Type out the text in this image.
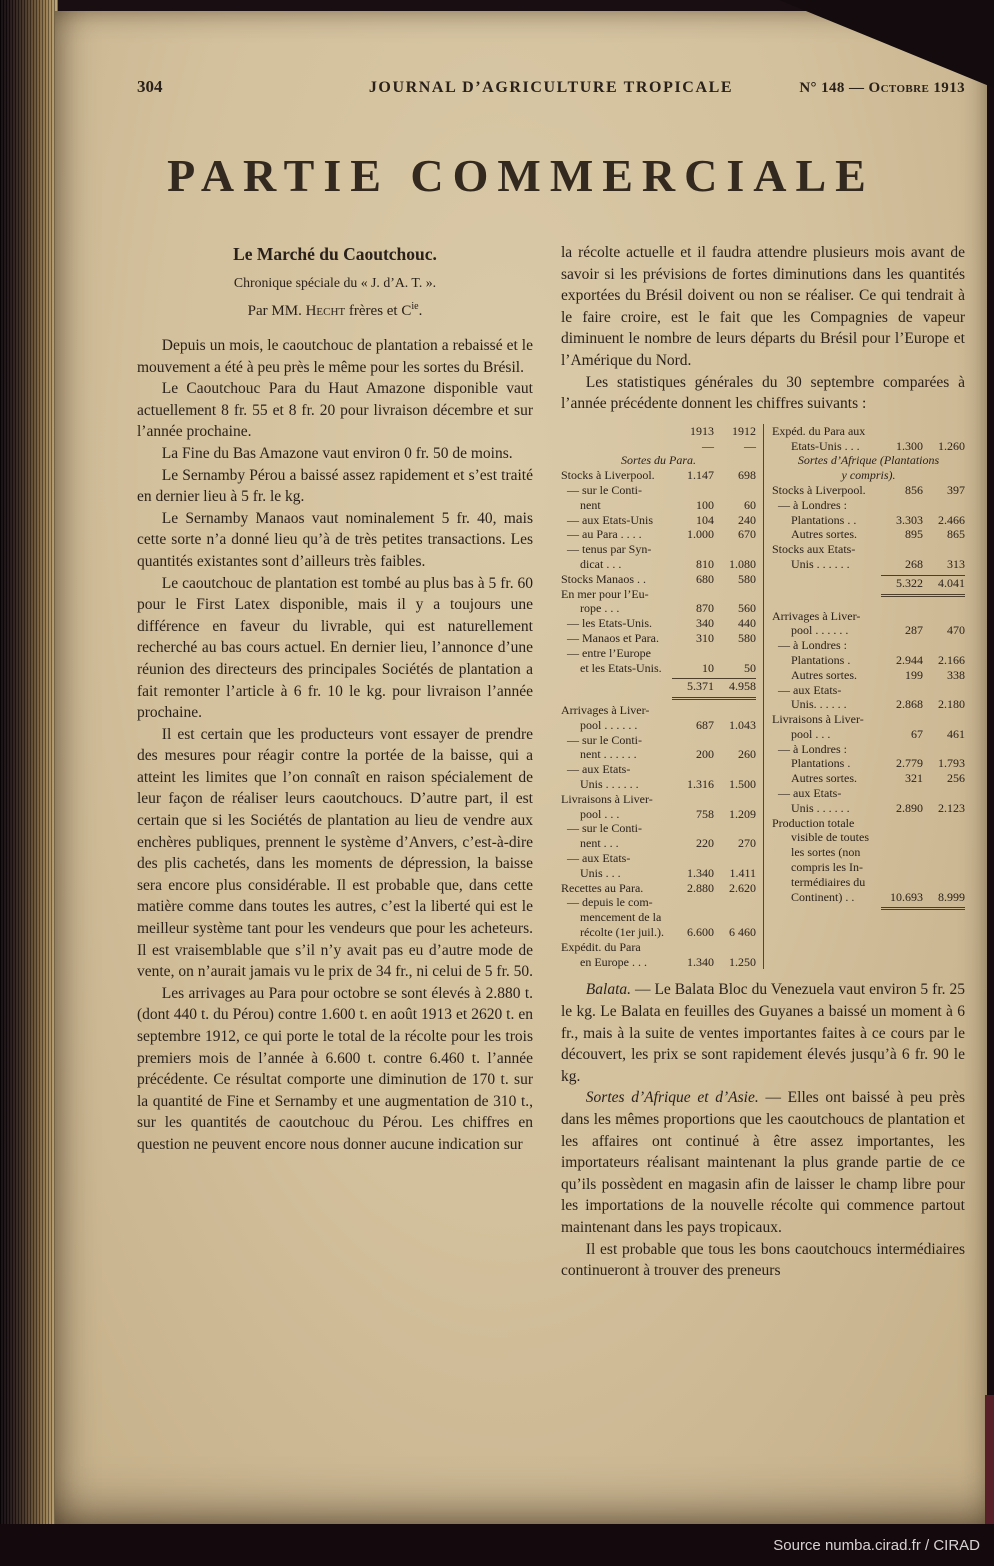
304	JOURNAL D’AGRICULTURE TROPICALE	N° 148 — Octobre 1913
PARTIE COMMERCIALE
Le Marché du Caoutchouc.
Chronique spéciale du « J. d’A. T. ».
Par MM. Hecht frères et $C^{ie}$.

Depuis un mois, le caoutchouc de plantation a rebaissé et le mouvement a été à peu près le même pour les sortes du Brésil.

Le Caoutchouc Para du Haut Amazone disponible vaut actuellement 8 fr. 55 et 8 fr. 20 pour livraison décembre et sur l’année prochaine.

La Fine du Bas Amazone vaut environ 0 fr. 50 de moins.

Le Sernamby Pérou a baissé assez rapidement et s’est traité en dernier lieu à 5 fr. le kg.

Le Sernamby Manaos vaut nominalement 5 fr. 40, mais cette sorte n’a donné lieu qu’à de très petites transactions. Les quantités existantes sont d’ailleurs très faibles.

Le caoutchouc de plantation est tombé au plus bas à 5 fr. 60 pour le First Latex disponible, mais il y a toujours une différence en faveur du livrable, qui est naturellement recherché au bas cours actuel. En dernier lieu, l’annonce d’une réunion des directeurs des principales Sociétés de plantation a fait remonter l’article à 6 fr. 10 le kg. pour livraison l’année prochaine.

Il est certain que les producteurs vont essayer de prendre des mesures pour réagir contre la portée de la baisse, qui a atteint les limites que l’on connaît en raison spécialement de leur façon de réaliser leurs caoutchoucs. D’autre part, il est certain que si les Sociétés de plantation au lieu de vendre aux enchères publiques, prennent le système d’Anvers, c’est-à-dire des plis cachetés, dans les moments de dépression, la baisse sera encore plus considérable. Il est probable que, dans cette matière comme dans toutes les autres, c’est la liberté qui est le meilleur système tant pour les vendeurs que pour les acheteurs. Il est vraisemblable que s’il n’y avait pas eu d’autre mode de vente, on n’aurait jamais vu le prix de 34 fr., ni celui de 5 fr. 50.

Les arrivages au Para pour octobre se sont élevés à 2.880 t. (dont 440 t. du Pérou) contre 1.600 t. en août 1913 et 2620 t. en septembre 1912, ce qui porte le total de la récolte pour les trois premiers mois de l’année à 6.600 t. contre 6.460 t. l’année précédente. Ce résultat comporte une diminution de 170 t. sur la quantité de Fine et Sernamby et une augmentation de 310 t., sur les quantités de caoutchouc du Pérou. Les chiffres en question ne peuvent encore nous donner aucune indication sur

la récolte actuelle et il faudra attendre plusieurs mois avant de savoir si les prévisions de fortes diminutions dans les quantités exportées du Brésil doivent ou non se réaliser. Ce qui tendrait à le faire croire, est le fait que les Compagnies de vapeur diminuent le nombre de leurs départs du Brésil pour l’Europe et l’Amérique du Nord.

Les statistiques générales du 30 septembre comparées à l’année précédente donnent les chiffres suivants :

1913	1912
—	—
Sortes du Para.
Stocks à Liverpool.	1.147	698
— sur le Conti-
nent	100	60
— aux Etats-Unis	104	240
— au Para . . . .	1.000	670
— tenus par Syn-
dicat . . .	810	1.080
Stocks Manaos . .	680	580
En mer pour l’Eu-
rope . . .	870	560
— les Etats-Unis.	340	440
— Manaos et Para.	310	580
— entre l’Europe
et les Etats-Unis.	10	50
5.371	4.958
Arrivages à Liver-
pool . . . . . .	687	1.043
— sur le Conti-
nent . . . . . .	200	260
— aux Etats-
Unis . . . . . .	1.316	1.500
Livraisons à Liver-
pool . . .	758	1.209
— sur le Conti-
nent . . .	220	270
— aux Etats-
Unis . . .	1.340	1.411
Recettes au Para.	2.880	2.620
— depuis le com-
mencement de la
récolte (1er juil.).	6.600	6 460
Expédit. du Para
en Europe . . .	1.340	1.250
Expéd. du Para aux
Etats-Unis . . .	1.300	1.260
Sortes d’Afrique (Plantations
y compris).
Stocks à Liverpool.	856	397
— à Londres :
Plantations . .	3.303	2.466
Autres sortes.	895	865
Stocks aux Etats-
Unis . . . . . .	268	313
5.322	4.041
Arrivages à Liver-
pool . . . . . .	287	470
— à Londres :
Plantations .	2.944	2.166
Autres sortes.	199	338
— aux Etats-
Unis. . . . . .	2.868	2.180
Livraisons à Liver-
pool . . .	67	461
— à Londres :
Plantations .	2.779	1.793
Autres sortes.	321	256
— aux Etats-
Unis . . . . . .	2.890	2.123
Production totale
visible de toutes
les sortes (non
compris les In-
termédiaires du
Continent) . .	10.693	8.999

Balata. — Le Balata Bloc du Venezuela vaut environ 5 fr. 25 le kg. Le Balata en feuilles des Guyanes a baissé un moment à 6 fr., mais à la suite de ventes importantes faites à ce cours par le découvert, les prix se sont rapidement élevés jusqu’à 6 fr. 90 le kg.

Sortes d’Afrique et d’Asie. — Elles ont baissé à peu près dans les mêmes proportions que les caoutchoucs de plantation et les affaires ont continué à être assez importantes, les importateurs réalisant maintenant la plus grande partie de ce qu’ils possèdent en magasin afin de laisser le champ libre pour les importations de la nouvelle récolte qui commence partout maintenant dans les pays tropicaux.

Il est probable que tous les bons caoutchoucs intermédiaires continueront à trouver des preneurs

Source numba.cirad.fr / CIRAD
